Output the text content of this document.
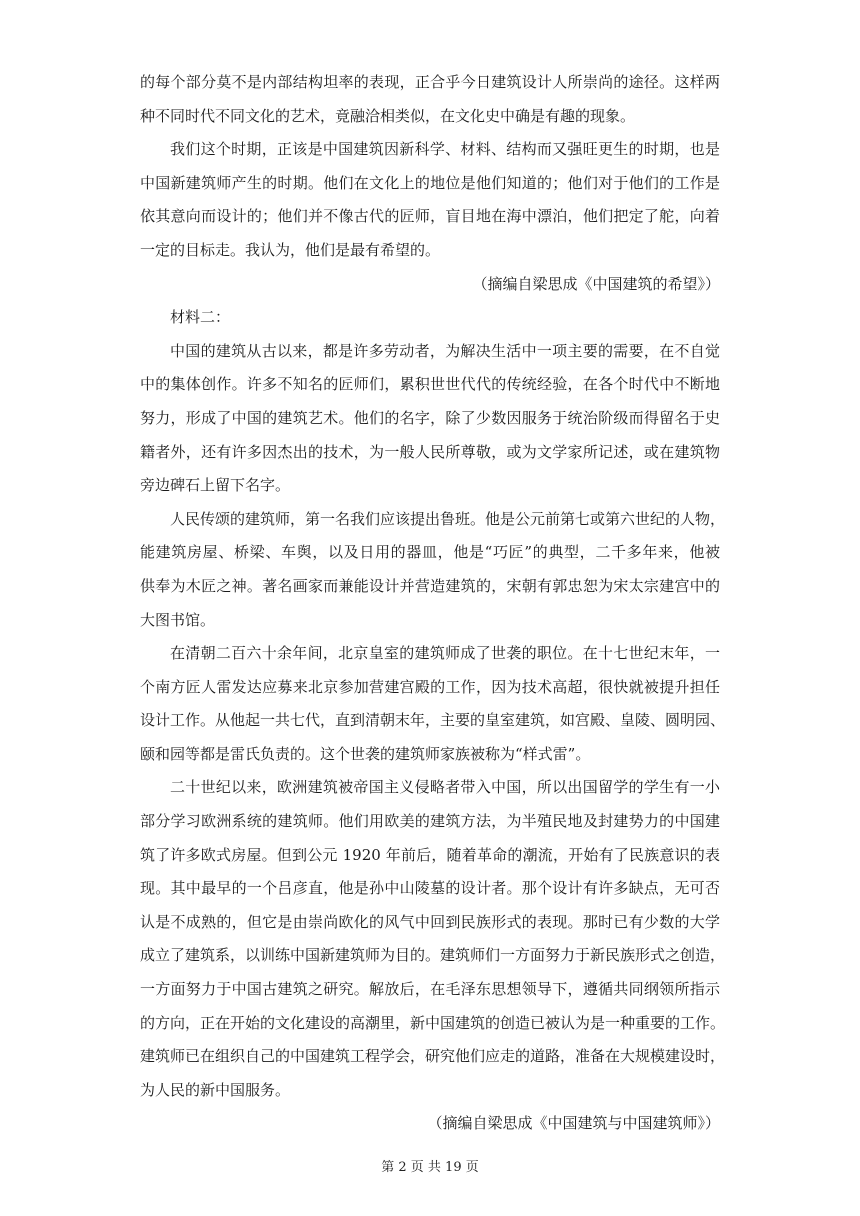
的每个部分莫不是内部结构坦率的表现，正合乎今日建筑设计人所崇尚的途径。这样两
种不同时代不同文化的艺术，竟融洽相类似，在文化史中确是有趣的现象。
我们这个时期，正该是中国建筑因新科学、材料、结构而又强旺更生的时期，也是
中国新建筑师产生的时期。他们在文化上的地位是他们知道的；他们对于他们的工作是
依其意向而设计的；他们并不像古代的匠师，盲目地在海中漂泊，他们把定了舵，向着
一定的目标走。我认为，他们是最有希望的。
（摘编自梁思成《中国建筑的希望》）
材料二：
中国的建筑从古以来，都是许多劳动者，为解决生活中一项主要的需要，在不自觉
中的集体创作。许多不知名的匠师们，累积世世代代的传统经验，在各个时代中不断地
努力，形成了中国的建筑艺术。他们的名字，除了少数因服务于统治阶级而得留名于史
籍者外，还有许多因杰出的技术，为一般人民所尊敬，或为文学家所记述，或在建筑物
旁边碑石上留下名字。
人民传颂的建筑师，第一名我们应该提出鲁班。他是公元前第七或第六世纪的人物，
能建筑房屋、桥梁、车舆，以及日用的器皿，他是“巧匠”的典型，二千多年来，他被
供奉为木匠之神。著名画家而兼能设计并营造建筑的，宋朝有郭忠恕为宋太宗建宫中的
大图书馆。
在清朝二百六十余年间，北京皇室的建筑师成了世袭的职位。在十七世纪末年，一
个南方匠人雷发达应募来北京参加营建宫殿的工作，因为技术高超，很快就被提升担任
设计工作。从他起一共七代，直到清朝末年，主要的皇室建筑，如宫殿、皇陵、圆明园、
颐和园等都是雷氏负责的。这个世袭的建筑师家族被称为“样式雷”。
二十世纪以来，欧洲建筑被帝国主义侵略者带入中国，所以出国留学的学生有一小
部分学习欧洲系统的建筑师。他们用欧美的建筑方法，为半殖民地及封建势力的中国建
筑了许多欧式房屋。但到公元 1920 年前后，随着革命的潮流，开始有了民族意识的表
现。其中最早的一个吕彦直，他是孙中山陵墓的设计者。那个设计有许多缺点，无可否
认是不成熟的，但它是由崇尚欧化的风气中回到民族形式的表现。那时已有少数的大学
成立了建筑系，以训练中国新建筑师为目的。建筑师们一方面努力于新民族形式之创造，
一方面努力于中国古建筑之研究。解放后，在毛泽东思想领导下，遵循共同纲领所指示
的方向，正在开始的文化建设的高潮里，新中国建筑的创造已被认为是一种重要的工作。
建筑师已在组织自己的中国建筑工程学会，研究他们应走的道路，准备在大规模建设时，
为人民的新中国服务。
（摘编自梁思成《中国建筑与中国建筑师》）
第 2 页 共 19 页
